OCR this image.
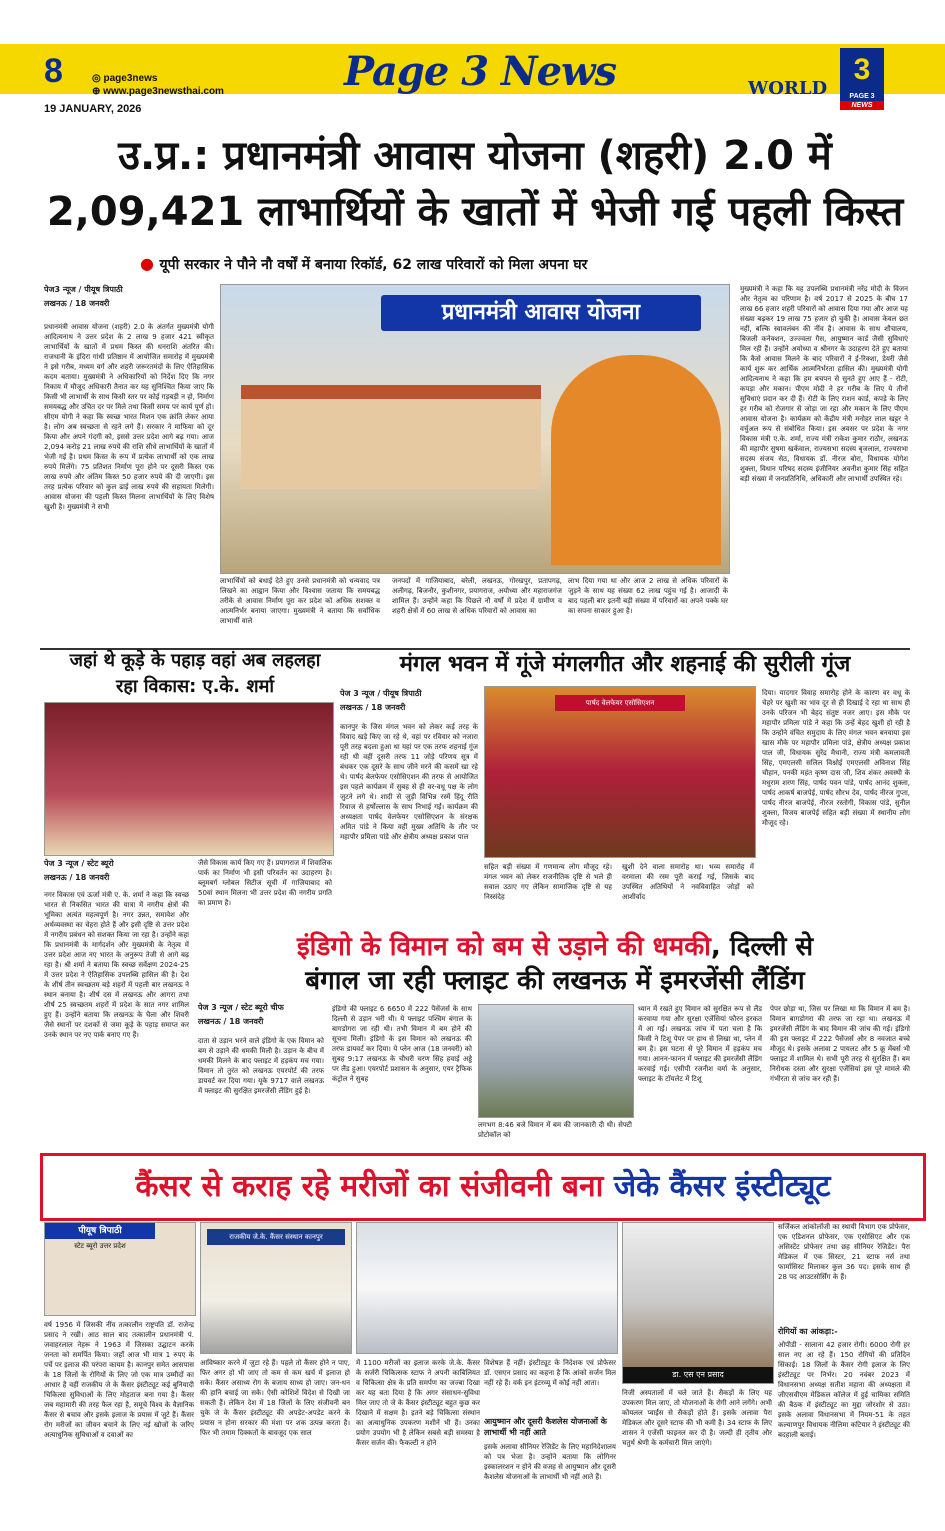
8	◎ page3news
⊕ www.page3newsthai.com
19 JANUARY, 2026
Page 3 News	WORLD
3
PAGE 3
NEWS
उ.प्र.: प्रधानमंत्री आवास योजना (शहरी) 2.0 में
2,09,421 लाभार्थियों के खातों में भेजी गई पहली किस्त
● यूपी सरकार ने पौने नौ वर्षों में बनाया रिकॉर्ड, 62 लाख परिवारों को मिला अपना घर
पेज3 न्यूज / पीयूष त्रिपाठी
लखनऊ / 18 जनवरी
प्रधानमंत्री आवास योजना (शहरी) 2.0 के अंतर्गत मुख्यमंत्री योगी आदित्यनाथ ने उत्तर प्रदेश के 2 लाख 9 हजार 421 स्वीकृत लाभार्थियों के खातों में प्रथम किस्त की धनराशि अंतरित की। राजधानी के इंदिरा गांधी प्रतिष्ठान में आयोजित समारोह में मुख्यमंत्री ने इसे गरीब, मध्यम वर्ग और शहरी जरूरतमंदों के लिए ऐतिहासिक कदम बताया। मुख्यमंत्री ने अधिकारियों को निर्देश दिए कि नगर निकाय में मौजूद अधिकारी तैनात कर यह सुनिश्चित किया जाए कि किसी भी लाभार्थी के साथ किसी स्तर पर कोई गड़बड़ी न हो, निर्माण समयबद्ध और उचित दर पर मिले तथा किसी समय पर कार्य पूर्ण हो। सीएम योगी ने कहा कि स्वच्छ भारत मिशन एक क्रांति लेकर आया है। लोग अब स्वच्छता से रहने लगे हैं। सरकार ने माफिया को दूर किया और अपने गंदगी को, इससे उत्तर प्रदेश आगे बढ़ गया। आज 2,094 करोड़ 21 लाख रुपये की राशि सीधे लाभार्थियों के खातों में भेजी गई है। प्रथम किस्त के रूप में प्रत्येक लाभार्थी को एक लाख रुपये मिलेंगे। 75 प्रतिशत निर्माण पूरा होने पर दूसरी किस्त एक लाख रुपये और अंतिम किस्त 50 हजार रुपये की दी जाएगी। इस तरह प्रत्येक परिवार को कुल ढाई लाख रुपये की सहायता मिलेगी। आवास योजना की पहली किस्त मिलना लाभार्थियों के लिए विशेष खुशी है। मुख्यमंत्री ने सभी
प्रधानमंत्री आवास योजना
लाभार्थियों को बधाई देते हुए उनसे प्रधानमंत्री को धन्यवाद पत्र लिखने का आह्वान किया और विश्वास जताया कि समयबद्ध तरीके से आवास निर्माण पूरा कर प्रदेश को अधिक सशक्त व आत्मनिर्भर बनाया जाएगा। मुख्यमंत्री ने बताया कि सर्वाधिक लाभार्थी वाले
जनपदों में गाजियाबाद, बरेली, लखनऊ, गोरखपुर, प्रतापगढ़, अलीगढ़, बिजनौर, कुशीनगर, प्रयागराज, अयोध्या और महाराजगंज शामिल हैं। उन्होंने कहा कि पिछले नौ वर्षों में प्रदेश में ग्रामीण व शहरी क्षेत्रों में 60 लाख से अधिक परिवारों को आवास का
लाभ दिया गया था और आज 2 लाख से अधिक परिवारों के जुड़ने के साथ यह संख्या 62 लाख पहुंच गई है। आजादी के बाद पहली बार इतनी बड़ी संख्या में परिवारों का अपने पक्के घर का सपना साकार हुआ है।
मुख्यमंत्री ने कहा कि यह उपलब्धि प्रधानमंत्री नरेंद्र मोदी के विजन और नेतृत्व का परिणाम है। वर्ष 2017 से 2025 के बीच 17 लाख 66 हजार शहरी परिवारों को आवास दिया गया और आज यह संख्या बढ़कर 19 लाख 75 हजार हो चुकी है। आवास केवल छत नहीं, बल्कि स्वावलंबन की नींव है। आवास के साथ शौचालय, बिजली कनेक्शन, उज्ज्वला गैस, आयुष्मान कार्ड जैसी सुविधाएं मिल रही हैं। उन्होंने अयोध्या व श्रीनगर के उदाहरण देते हुए बताया कि कैसे आवास मिलने के बाद परिवारों ने ई-रिक्शा, डेयरी जैसे कार्य शुरू कर आर्थिक आत्मनिर्भरता हासिल की। मुख्यमंत्री योगी आदित्यनाथ ने कहा कि हम बचपन से सुनते हुए आए हैं - रोटी, कपड़ा और मकान। पीएम मोदी ने हर गरीब के लिए ये तीनों सुविधाएं प्रदान कर दी हैं। रोटी के लिए राशन कार्ड, कपड़े के लिए हर गरीब को रोजगार से जोड़ा जा रहा और मकान के लिए पीएम आवास योजना है। कार्यक्रम को केंद्रीय मंत्री मनोहर लाल खट्टर ने वर्चुअल रूप से संबोधित किया। इस अवसर पर प्रदेश के नगर विकास मंत्री ए.के. शर्मा, राज्य मंत्री राकेश कुमार राठौर, लखनऊ की महापौर सुषमा खर्कवाल, राज्यसभा सदस्य बृजलाल, राज्यसभा सदस्य संजय सेठ, विधायक डॉ. नीरज बोरा, विधायक योगेश शुक्ला, विधान परिषद सदस्य इंजीनियर अवनीश कुमार सिंह सहित बड़ी संख्या में जनप्रतिनिधि, अधिकारी और लाभार्थी उपस्थित रहे।
जहां थे कूड़े के पहाड़ वहां अब लहलहा रहा विकास: ए.के. शर्मा
पेज 3 न्यूज / स्टेट ब्यूरो
लखनऊ / 18 जनवरी
नगर विकास एवं ऊर्जा मंत्री ए. के. शर्मा ने कहा कि स्वच्छ भारत से निकसित भारत की यात्रा में नगरीय क्षेत्रों की भूमिका अत्यंत महत्वपूर्ण है। नगर उन्नत, समावेश और अर्थव्यवस्था का चेहरा होते हैं और इसी दृष्टि से उत्तर प्रदेश में नगरीय प्रबंधन को सशक्त किया जा रहा है। उन्होंने कहा कि प्रधानमंत्री के मार्गदर्शन और मुख्यमंत्री के नेतृत्व में उत्तर प्रदेश आज नए भारत के अनुरूप तेजी से आगे बढ़ रहा है। श्री शर्मा ने बताया कि स्वच्छ सर्वेक्षण 2024-25 में उत्तर प्रदेश ने ऐतिहासिक उपलब्धि हासिल की है। देश के शीर्ष तीन स्वच्छतम बड़े शहरों में पहली बार लखनऊ ने स्थान बनाया है। शीर्ष दस में लखनऊ और आगरा तथा शीर्ष 25 स्वच्छतम शहरों में प्रदेश के सात नगर शामिल हुए हैं। उन्होंने बताया कि लखनऊ के घैला और शिवरी जैसे स्थानों पर दशकों से जमा कूड़े के पहाड़ समाप्त कर उनके स्थान पर नए पार्क बनाए गए हैं।
जैसे विकास कार्य किए गए हैं। प्रयागराज में शिवालिक पार्क का निर्माण भी इसी परिवर्तन का उदाहरण है। ब्लूमबर्ग ग्लोबल सिटीज सूची में गाजियाबाद को 50वां स्थान मिलना भी उत्तर प्रदेश की नगरीय प्रगति का प्रमाण है।
मंगल भवन में गूंजे मंगलगीत और शहनाई की सुरीली गूंज
पेज 3 न्यूज / पीयूष त्रिपाठी
लखनऊ / 18 जनवरी
कानपुर के जिस मंगल भवन को लेकर कई तरह के विवाद खड़े किए जा रहे थे, वहां पर रविवार को नजारा पूरी तरह बदला हुआ था यहां पर एक तरफ शहनाई गूंज रही थी वहीं दूसरी तरफ 11 जोड़े परिणय सूत्र में बंधकर एक दूसरे के साथ जीने मरने की कसमें खा रहे थे। पार्षद बेलफेयर एसोसिएशन की तरफ से आयोजित इस पहले कार्यक्रम में सुबह से ही वर-वधू पक्ष के लोग जुटने लगे थे। शादी से जुड़ी विभिन्न रस्में हिंदू रीति रिवाज से हर्षोल्लास के साथ निभाई गईं। कार्यक्रम की अध्यक्षता पार्षद वेलफेयर एसोसिएशन के संरक्षक अमित पांडे ने किया वहीं मुख्य अतिथि के तौर पर महापौर प्रमिला पांडे और क्षेत्रीय अध्यक्ष प्रकाश पाल
पार्षद वेलफेयर एसोसिएशन
सहित बड़ी संख्या में गणमान्य लोग मौजूद रहे। मंगल भवन को लेकर राजनीतिक दृष्टि से भले ही सवाल उठाए गए लेकिन सामाजिक दृष्टि से यह निस्संदेह
खुशी देने वाला समारोह था। भव्य समारोह में वरमाला की रस्म पूरी कराई गई, जिसके बाद उपस्थित अतिथियों ने नवविवाहित जोड़ों को आशीर्वाद
दिया। यादगार विवाह समारोह होने के कारण वर वधू के चेहरे पर खुशी का भाव दूर से ही दिखाई दे रहा था साथ ही उनके परिजन भी बेहद संतुष्ट नजर आए। इस मौके पर महापौर प्रमिला पांडे ने कहा कि उन्हें बेहद खुशी हो रही है कि उन्होंने वंचित समुदाय के लिए मंगल भवन बनवाया इस खास मौके पर महापौर प्रमिला पांडे, क्षेत्रीय अध्यक्ष प्रकाश पाल जी, विधायक सुरेंद्र मैथानी, राज्य मंत्री कमलावती सिंह, एमएलसी सलिल विश्नोई एमएलसी अविनाश सिंह चौहान, पनकी महंत कृष्ण दास जी, शिव शंकर अवस्थी के मधुराम शरण सिंह, पार्षद पवन पांडे, पार्षद आनंद शुक्ला, पार्षद आकर्ष बाजपेई, पार्षद सौरभ देव, पार्षद नीरज गुप्ता, पार्षद नीरज बाजपेई, नीरज रस्तोगी, विकास पांडे, सुनील शुक्ला, विजय बाजपेई सहित बड़ी संख्या में स्थानीय लोग मौजूद रहे।
इंडिगो के विमान को बम से उड़ाने की धमकी, दिल्ली से
बंगाल जा रही फ्लाइट की लखनऊ में इमरजेंसी लैंडिंग
पेज 3 न्यूज / स्टेट ब्यूरो चीफ
लखनऊ / 18 जनवरी
दाता से उड़ान भरने वाले इंडिगो के एक विमान को बम से उड़ाने की धमकी मिली है। उड़ान के बीच में धमकी मिलने के बाद फ्लाइट में हड़कंप मच गया। विमान तो तुरंत को लखनऊ एयरपोर्ट की तरफ डायवर्ट कर दिया गया। यूके 9717 वाले लखनऊ में फ्लाइट की सुरक्षित इमरजेंसी लैंडिंग हुई है।
इंडिगो की फ्लाइट 6 6650 में 222 पैसेंजर्स के साथ दिल्ली से उड़ान भरी थी। ये फ्लाइट पश्चिम बंगाल के बागडोगरा जा रही थी। तभी विमान में बम होने की सूचना मिली। इंडिगो के इस विमान को लखनऊ की तरफ डायवर्ट कर दिया। ये प्लेन आज (18 जनवरी) को सुबह 9:17 लखनऊ के चौधरी चरण सिंह हवाई अड्डे पर लैंड हुआ। एयरपोर्ट प्रशासन के अनुसार, एयर ट्रैफिक कंट्रोल ने सुबह
लगभग 8:46 बजे विमान में बम की जानकारी दी थी। सेफ्टी प्रोटोकॉल को
ध्यान में रखते हुए विमान को सुरक्षित रूप से लैंड करवाया गया और सुरक्षा एजेंसियां फौरन हरकत में आ गईं। लखनऊ जांच में पता चला है कि किसी ने टिशू पेपर पर हाथ से लिखा था, प्लेन में बम है। इस घटना से पूरे विमान में हड़कंप मच गया। आनन-फानन में फ्लाइट की इमरजेंसी लैंडिंग करवाई गई। एसीपी रजनीश वर्मा के अनुसार, फ्लाइट के टॉयलेट में टिशू
पेपर छोड़ा था, जिस पर लिखा था कि विमान में बम है। विमान बागडोगरा की तरफ जा रहा था। लखनऊ में इमरजेंसी लैंडिंग के बाद विमान की जांच की गई। इंडिगो की इस फ्लाइट में 222 पैसेंजर्स और 8 नवजात बच्चे मौजूद थे। इसके अलावा 2 पायलट और 5 क्रू मेंबर्स भी फ्लाइट में शामिल थे। सभी पूरी तरह से सुरक्षित हैं। बम निरोधक दस्ता और सुरक्षा एजेंसियां इस पूरे मामले की गंभीरता से जांच कर रही हैं।
कैंसर से कराह रहे मरीजों का संजीवनी बना जेके कैंसर इंस्टीट्यूट
पीयूष त्रिपाठी
स्टेट ब्यूरो उत्तर प्रदेश
वर्ष 1956 में जिसकी नींव तत्कालीन राष्ट्रपति डॉ. राजेन्द्र प्रसाद ने रखी। आठ साल बाद तत्कालीन प्रधानमंत्री पं. जवाहरलाल नेहरू ने 1963 में जिसका उद्घाटन करके जनता को समर्पित किया। जहाँ आज भी मात्र 1 रुपए के पर्चे पर इलाज की परंपरा कायम है। कानपुर समेत आसपास के 18 जिलों के रोगियों के लिए जो एक मात्र उम्मीदों का आधार है वहीं राजकीय जे के कैंसर इंस्टीट्यूट कई बुनियादी चिकित्सा सुविधाओं के लिए मोहताज बना गया है। कैंसर जब महामारी की तरह फैल रहा है, समूचे विश्व के वैज्ञानिक कैंसर से बचाव और इसके इलाज के प्रयास में जुटे हैं। कैंसर रोग मरीजों का जीवन बचाने के लिए नई खोजों के जरिए अत्याधुनिक सुविधाओं व दवाओं का
राजकीय जे.के. कैंसर संस्थान कानपुर
आविष्कार करने में जुटा रहे हैं। पहले तो कैंसर होने न पाए, फिर अगर हो भी जाए तो कम से कम खर्च में इलाज हो सके। कैंसर असाध्य रोग के बजाय साध्य हो जाए। जन-धन की हानि बचाई जा सके। ऐसी कोशिशें विदेश से दिखी जा सकती हैं। लेकिन देश में 18 जिलों के लिए संजीवनी बन चुके जे के कैंसर इंस्टीट्यूट की अपडेट-अपडेट करने के प्रयास न होना सरकार की मंशा पर शक उत्पन्न करता है। फिर भी तमाम दिक्कतों के बावजूद एक साल
में 1100 मरीजों का इलाज करके जे.के. कैंसर के सर्जरी चिकित्सक स्टाफ ने अपनी काबिलियत व चिकित्सा क्षेत्र के प्रति समर्पण का जज्बा दिखा कर यह बता दिया है कि अगर संसाधन-सुविधा मिल जाए तो जे के कैंसर इंस्टीट्यूट बहुत कुछ कर दिखाने में सक्षम है। इतने बड़े चिकित्सा संस्थान का अत्याधुनिक उपकरण मशीनें भी हैं। उनका प्रयोग उपयोग भी है लेकिन सबसे बड़ी समस्या है कैंसर सर्जन की। फैकल्टी न होने
विशेषज्ञ हैं नहीं। इंस्टीट्यूट के निदेशक एवं प्रोफेसर डॉ. एसएन प्रसाद का कहना है कि आंको सर्जन मिल नहीं रहे हैं। वर्क इन इंटरव्यू में कोई नहीं आता।
आयुष्मान और दूसरी कैशलेस योजनाओं के लाभार्थी भी नहीं आते
इसके अलावा सीनियर रेजिडेंट के लिए महानिदेशालय को पत्र भेजा है। उन्होंने बताया कि लोगिनर इस्कालरशन न होने की वजह से आयुष्मान और दूसरी कैशलेस योजनाओं के लाभार्थी भी नहीं आते हैं।
डा. एस एन प्रसाद
निजी अस्पतालों में चले जाते हैं। सैकड़ों के लिए यह उपकरण मिल जाए, तो योजनाओं के रोगी आने लगेंगे। अभी कोयलल प्वाईंस से सैकड़ों होते हैं। इसके अलावा पैरा मेडिकल और दूसरे स्टाफ की भी कमी है। 34 स्टाफ के लिए शासन ने एजेंसी फाइनल कर दी है। जल्दी ही तृतीय और चतुर्थ श्रेणी के कर्मचारी मिल जाएंगे।
सर्जिकल आंकोलॉजी का स्थायी विभाग एक प्रोफेसर, एक एडिशनल प्रोफेसर, एक एसोसिएट और एक असिस्टेंट प्रोफेसर तथा छह सीनियर रेजिडेंट। पैरा मेडिकल में एक सिस्टर, 21 स्टाफ नर्स तथा फार्मासिस्ट मिलाकर कुल 36 पद। इसके साथ ही 28 पद आउटसोर्सिंग के हैं।
रोगियों का आंकड़ा:-
ओपीडी - सालाना 42 हजार रोगी। 6000 रोगी हर साल नए आ रहे हैं। 150 रोगियों की प्रतिदिन सिंकाई। 18 जिलों के कैंसर रोगी इलाज के लिए इंस्टीट्यूट पर निर्भर। 20 नवंबर 2023 में विधानसभा अध्यक्ष सतीश महाना की अध्यक्षता में जीएसवीएम मेडिकल कॉलेज में हुई चायिका समिति की बैठक में इंस्टीट्यूट का मुद्दा जोरशोर से उठा। इसके अलावा विधानसभा में नियम-51 के तहत कल्याणपुर विधायक नीलिमा कटियार ने इंस्टीट्यूट की बदहाली बताई।
